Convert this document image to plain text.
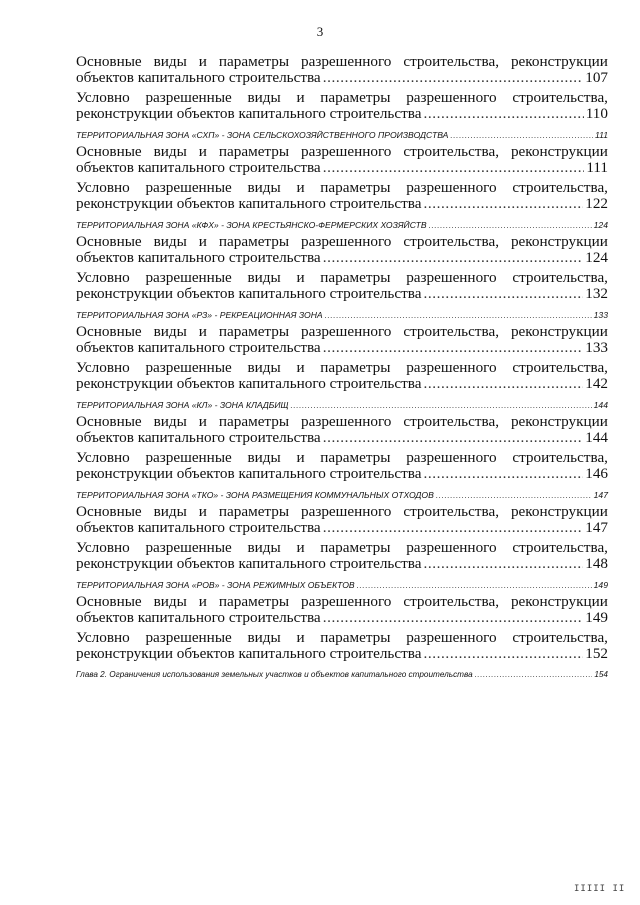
3
Основные виды и параметры разрешенного строительства, реконструкции
объектов капитального строительства .....	107
Условно разрешенные виды и параметры разрешенного строительства,
реконструкции объектов капитального строительства .....	110
ТЕРРИТОРИАЛЬНАЯ ЗОНА «СХП» - ЗОНА СЕЛЬСКОХОЗЯЙСТВЕННОГО ПРОИЗВОДСТВА .....	111
Основные виды и параметры разрешенного строительства, реконструкции
объектов капитального строительства .....	111
Условно разрешенные виды и параметры разрешенного строительства,
реконструкции объектов капитального строительства .....	122
ТЕРРИТОРИАЛЬНАЯ ЗОНА «КФХ» - ЗОНА КРЕСТЬЯНСКО-ФЕРМЕРСКИХ ХОЗЯЙСТВ .....	124
Основные виды и параметры разрешенного строительства, реконструкции
объектов капитального строительства .....	124
Условно разрешенные виды и параметры разрешенного строительства,
реконструкции объектов капитального строительства .....	132
ТЕРРИТОРИАЛЬНАЯ ЗОНА «РЗ» - РЕКРЕАЦИОННАЯ ЗОНА .....	133
Основные виды и параметры разрешенного строительства, реконструкции
объектов капитального строительства .....	133
Условно разрешенные виды и параметры разрешенного строительства,
реконструкции объектов капитального строительства .....	142
ТЕРРИТОРИАЛЬНАЯ ЗОНА «КЛ» - ЗОНА КЛАДБИЩ .....	144
Основные виды и параметры разрешенного строительства, реконструкции
объектов капитального строительства .....	144
Условно разрешенные виды и параметры разрешенного строительства,
реконструкции объектов капитального строительства .....	146
ТЕРРИТОРИАЛЬНАЯ ЗОНА «ТКО» - ЗОНА РАЗМЕЩЕНИЯ КОММУНАЛЬНЫХ ОТХОДОВ .....	147
Основные виды и параметры разрешенного строительства, реконструкции
объектов капитального строительства .....	147
Условно разрешенные виды и параметры разрешенного строительства,
реконструкции объектов капитального строительства .....	148
ТЕРРИТОРИАЛЬНАЯ ЗОНА «РОВ» - ЗОНА РЕЖИМНЫХ ОБЪЕКТОВ .....	149
Основные виды и параметры разрешенного строительства, реконструкции
объектов капитального строительства .....	149
Условно разрешенные виды и параметры разрешенного строительства,
реконструкции объектов капитального строительства .....	152
Глава 2. Ограничения использования земельных участков и объектов капитального строительства .....	154
IIIII II
